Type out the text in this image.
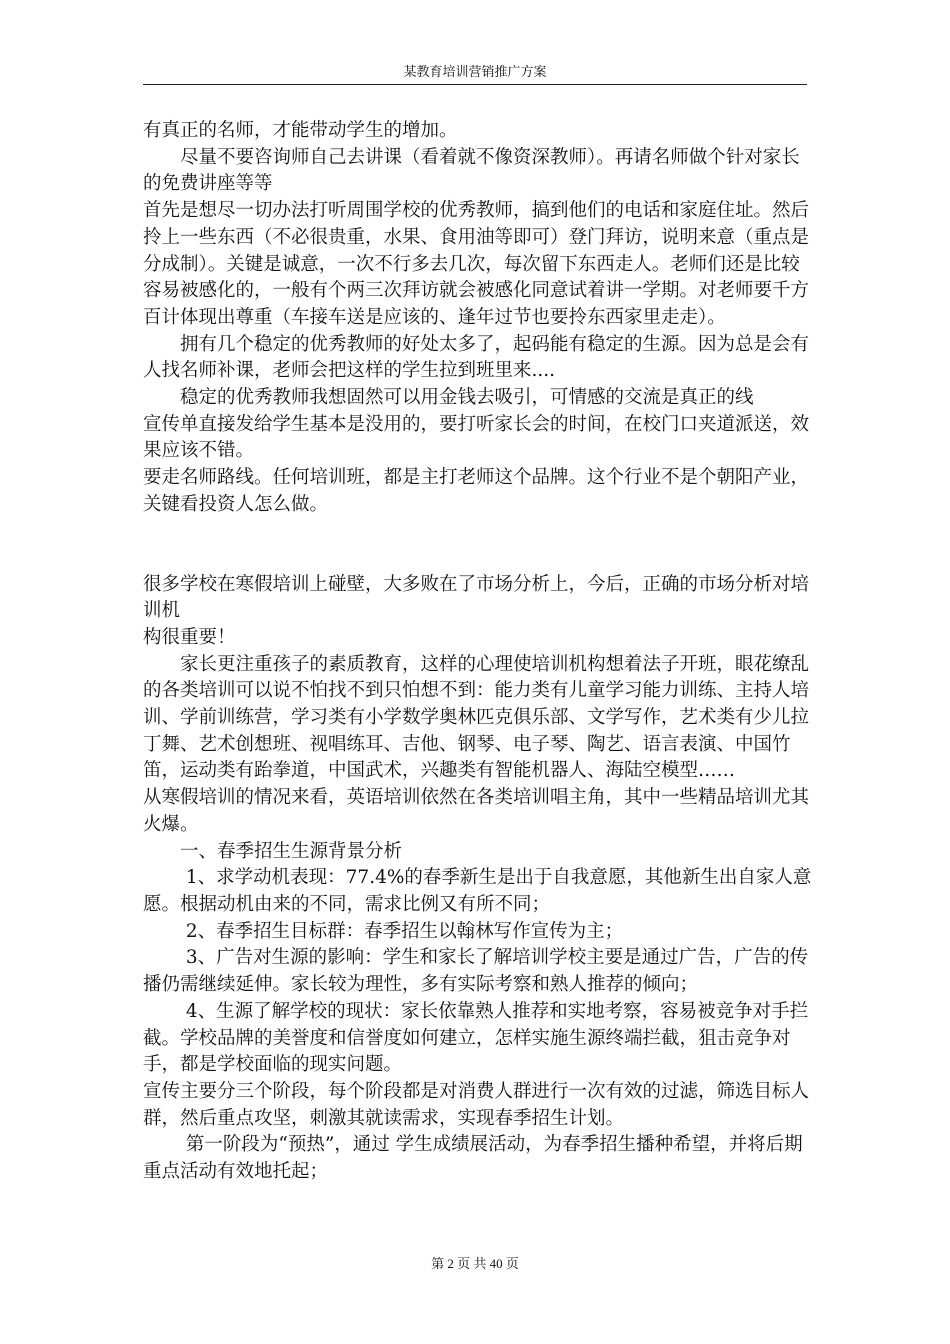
某教育培训营销推广方案

有真正的名师，才能带动学生的增加。

　　尽量不要咨询师自己去讲课（看着就不像资深教师）。再请名师做个针对家长的免费讲座等等

首先是想尽一切办法打听周围学校的优秀教师，搞到他们的电话和家庭住址。然后拎上一些东西（不必很贵重，水果、食用油等即可）登门拜访，说明来意（重点是分成制）。关键是诚意，一次不行多去几次，每次留下东西走人。老师们还是比较容易被感化的，一般有个两三次拜访就会被感化同意试着讲一学期。对老师要千方百计体现出尊重（车接车送是应该的、逢年过节也要拎东西家里走走）。

　　拥有几个稳定的优秀教师的好处太多了，起码能有稳定的生源。因为总是会有人找名师补课，老师会把这样的学生拉到班里来....

　　稳定的优秀教师我想固然可以用金钱去吸引，可情感的交流是真正的线

宣传单直接发给学生基本是没用的，要打听家长会的时间，在校门口夹道派送，效果应该不错。

要走名师路线。任何培训班，都是主打老师这个品牌。这个行业不是个朝阳产业，关键看投资人怎么做。

很多学校在寒假培训上碰壁，大多败在了市场分析上，今后，正确的市场分析对培训机

构很重要！

　　家长更注重孩子的素质教育，这样的心理使培训机构想着法子开班，眼花缭乱的各类培训可以说不怕找不到只怕想不到：能力类有儿童学习能力训练、主持人培训、学前训练营，学习类有小学数学奥林匹克俱乐部、文学写作，艺术类有少儿拉丁舞、艺术创想班、视唱练耳、吉他、钢琴、电子琴、陶艺、语言表演、中国竹笛，运动类有跆拳道，中国武术，兴趣类有智能机器人、海陆空模型……

从寒假培训的情况来看，英语培训依然在各类培训唱主角，其中一些精品培训尤其火爆。

　　一、春季招生生源背景分析

　　 1、求学动机表现：77.4%的春季新生是出于自我意愿，其他新生出自家人意愿。根据动机由来的不同，需求比例又有所不同；

　　 2、春季招生目标群：春季招生以翰林写作宣传为主；

　　 3、广告对生源的影响：学生和家长了解培训学校主要是通过广告，广告的传播仍需继续延伸。家长较为理性，多有实际考察和熟人推荐的倾向；

　　 4、生源了解学校的现状：家长依靠熟人推荐和实地考察，容易被竞争对手拦截。学校品牌的美誉度和信誉度如何建立，怎样实施生源终端拦截，狙击竞争对手，都是学校面临的现实问题。

宣传主要分三个阶段，每个阶段都是对消费人群进行一次有效的过滤，筛选目标人群，然后重点攻坚，刺激其就读需求，实现春季招生计划。

　　 第一阶段为“预热”，通过 学生成绩展活动，为春季招生播种希望，并将后期重点活动有效地托起；

第 2 页 共 40 页
